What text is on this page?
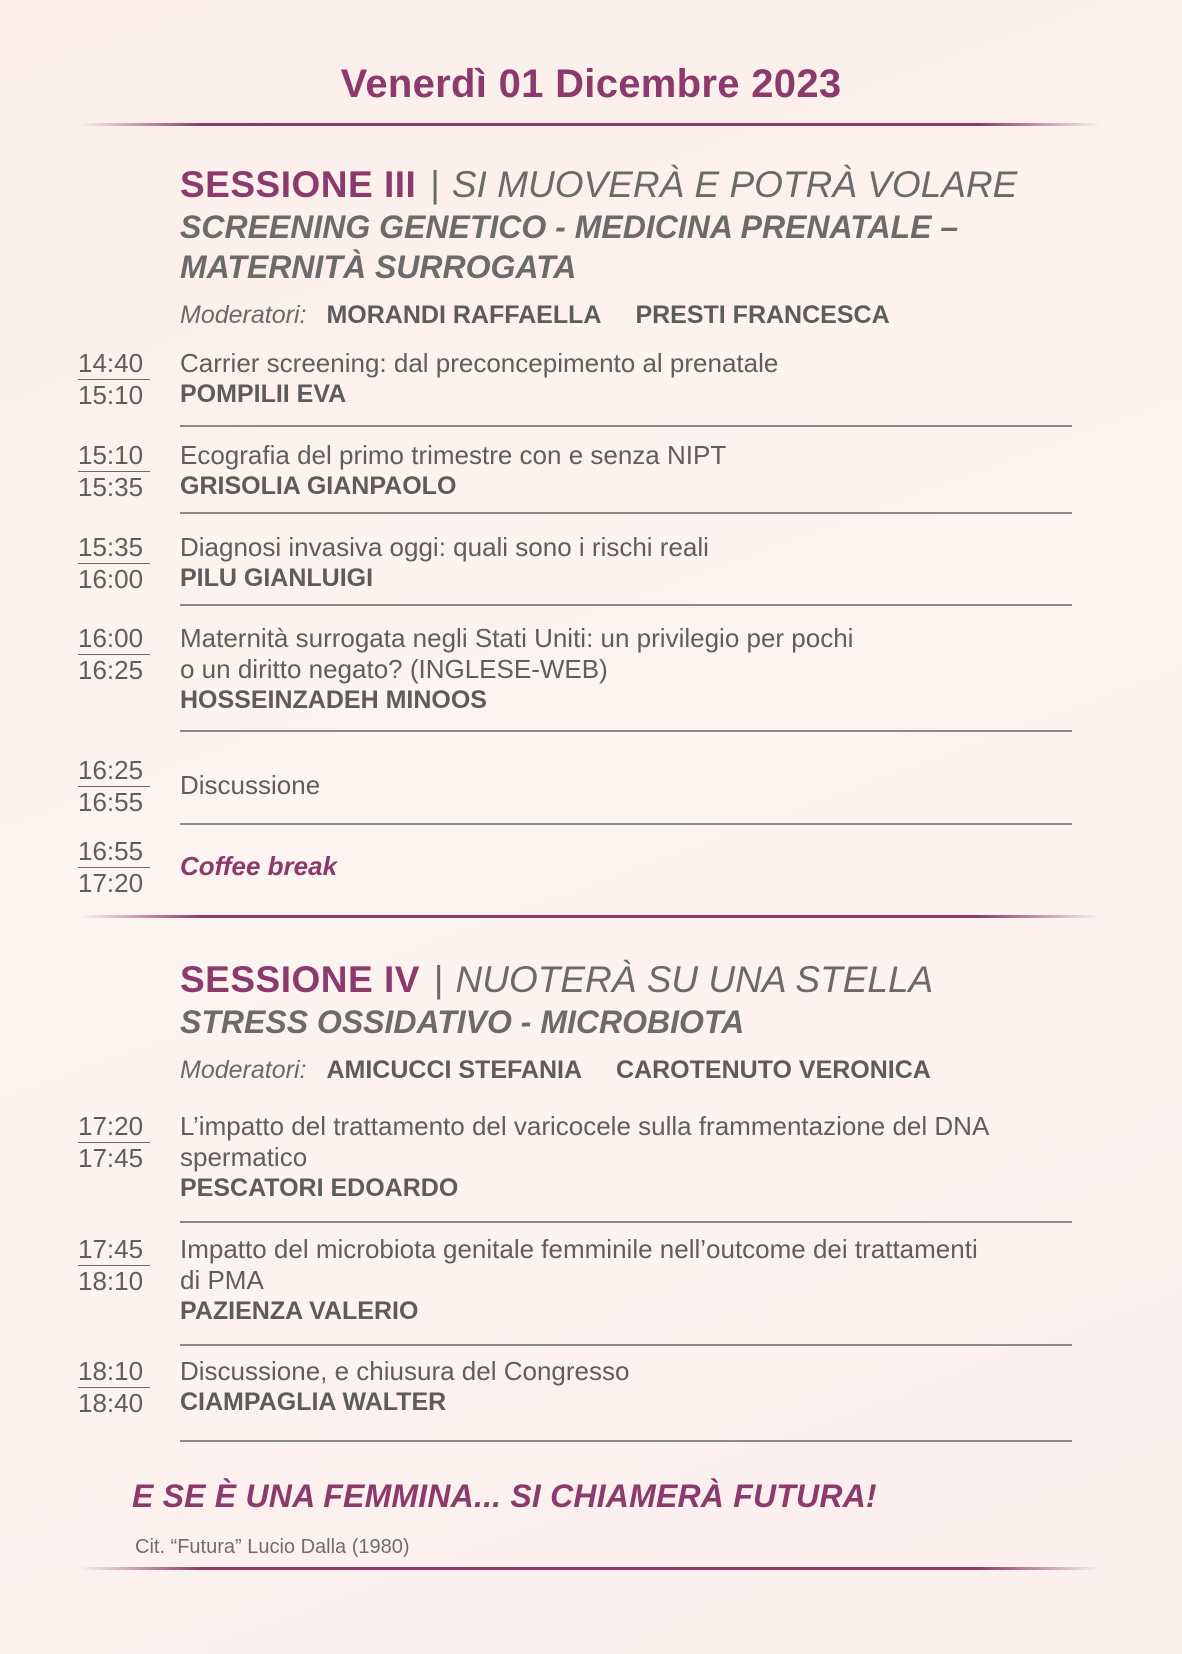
Venerdì 01 Dicembre 2023
SESSIONE III | SI MUOVERÀ E POTRÀ VOLARE
SCREENING GENETICO - MEDICINA PRENATALE –
MATERNITÀ SURROGATA
Moderatori: MORANDI RAFFAELLA PRESTI FRANCESCA
14:40
15:10
Carrier screening: dal preconcepimento al prenatale
POMPILII EVA
15:10
15:35
Ecografia del primo trimestre con e senza NIPT
GRISOLIA GIANPAOLO
15:35
16:00
Diagnosi invasiva oggi: quali sono i rischi reali
PILU GIANLUIGI
16:00
16:25
Maternità surrogata negli Stati Uniti: un privilegio per pochi
o un diritto negato? (INGLESE-WEB)
HOSSEINZADEH MINOOS
16:25
16:55
Discussione
16:55
17:20
Coffee break
SESSIONE IV | NUOTERÀ SU UNA STELLA
STRESS OSSIDATIVO - MICROBIOTA
Moderatori: AMICUCCI STEFANIA CAROTENUTO VERONICA
17:20
17:45
L’impatto del trattamento del varicocele sulla frammentazione del DNA
spermatico
PESCATORI EDOARDO
17:45
18:10
Impatto del microbiota genitale femminile nell’outcome dei trattamenti
di PMA
PAZIENZA VALERIO
18:10
18:40
Discussione, e chiusura del Congresso
CIAMPAGLIA WALTER
E SE È UNA FEMMINA... SI CHIAMERÀ FUTURA!
Cit. “Futura” Lucio Dalla (1980)
